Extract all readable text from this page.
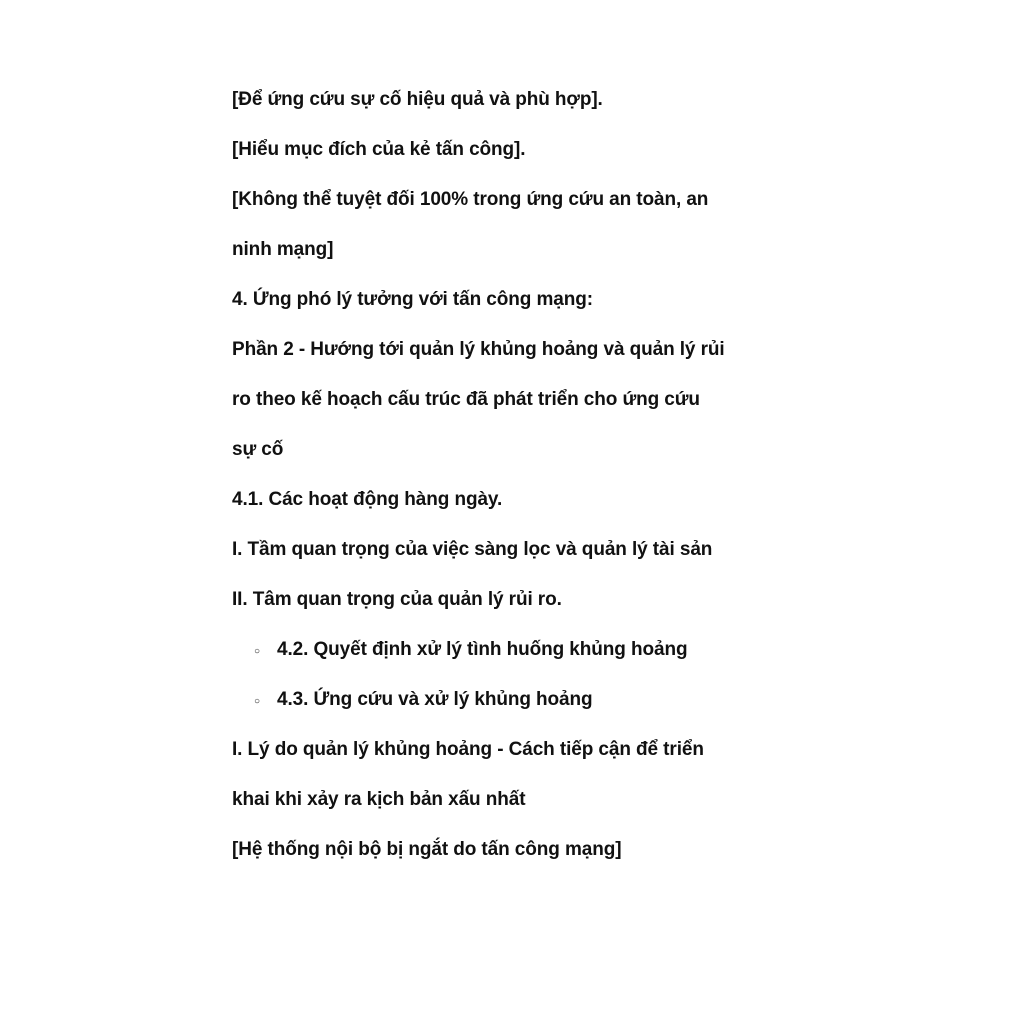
[Để ứng cứu sự cố hiệu quả và phù hợp].
[Hiểu mục đích của kẻ tấn công].
[Không thể tuyệt đối 100% trong ứng cứu an toàn, an
ninh mạng]
4. Ứng phó lý tưởng với tấn công mạng:
Phần 2 - Hướng tới quản lý khủng hoảng và quản lý rủi
ro theo kế hoạch cấu trúc đã phát triển cho ứng cứu
sự cố
4.1. Các hoạt động hàng ngày.
I. Tầm quan trọng của việc sàng lọc và quản lý tài sản
II. Tâm quan trọng của quản lý rủi ro.
○ 4.2. Quyết định xử lý tình huống khủng hoảng
○ 4.3. Ứng cứu và xử lý khủng hoảng
I. Lý do quản lý khủng hoảng - Cách tiếp cận để triển
khai khi xảy ra kịch bản xấu nhất
[Hệ thống nội bộ bị ngắt do tấn công mạng]
